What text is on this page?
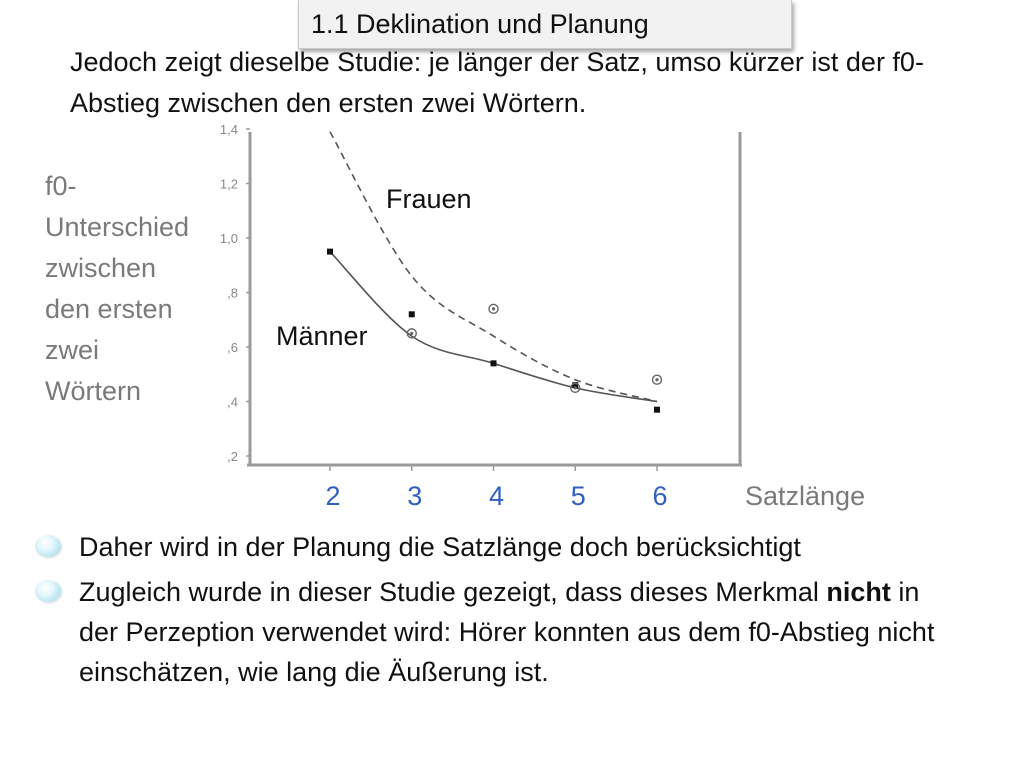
1.1 Deklination und Planung
Jedoch zeigt dieselbe Studie: je länger der Satz, umso kürzer ist der f0-Abstieg zwischen den ersten zwei Wörtern.
f0-
Unterschied
zwischen
den ersten
zwei
Wörtern
,2
,4
,6
,8
1,0
1,2
1,4
Frauen
Männer
2	3	4	5	6	Satzlänge
Daher wird in der Planung die Satzlänge doch berücksichtigt
Zugleich wurde in dieser Studie gezeigt, dass dieses Merkmal nicht in der Perzeption verwendet wird: Hörer konnten aus dem f0-Abstieg nicht einschätzen, wie lang die Äußerung ist.
